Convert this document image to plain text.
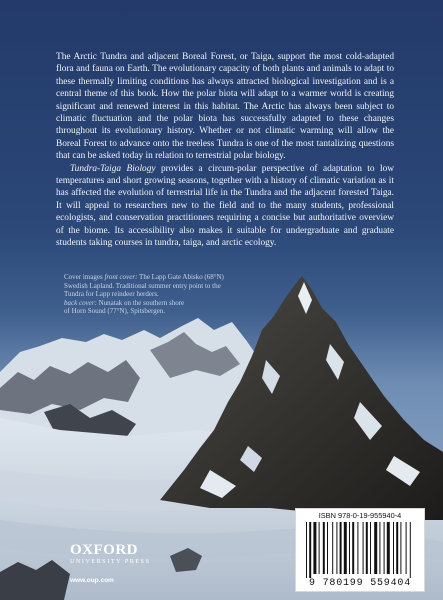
The Arctic Tundra and adjacent Boreal Forest, or Taiga, support the most cold-adapted flora and fauna on Earth. The evolutionary capacity of both plants and animals to adapt to these thermally limiting conditions has always attracted biological investigation and is a central theme of this book. How the polar biota will adapt to a warmer world is creating significant and renewed interest in this habitat. The Arctic has always been subject to climatic fluctuation and the polar biota has successfully adapted to these changes throughout its evolutionary history. Whether or not climatic warming will allow the Boreal Forest to advance onto the treeless Tundra is one of the most tantalizing questions that can be asked today in relation to terrestrial polar biology.

Tundra-Taiga Biology provides a circum-polar perspective of adaptation to low temperatures and short growing seasons, together with a history of climatic variation as it has affected the evolution of terrestrial life in the Tundra and the adjacent forested Taiga. It will appeal to researchers new to the field and to the many students, professional ecologists, and conservation practitioners requiring a concise but authoritative overview of the biome. Its accessibility also makes it suitable for undergraduate and graduate students taking courses in tundra, taiga, and arctic ecology.

Cover images front cover: The Lapp Gate Abisko (68°N)
Swedish Lapland. Traditional summer entry point to the
Tundra for Lapp reindeer herders.
back cover: Nunatak on the southern shore
of Horn Sound (77°N), Spitsbergen.
OXFORD
UNIVERSITY PRESS
www.oup.com
ISBN 978-0-19-955940-4
9 780199 559404
